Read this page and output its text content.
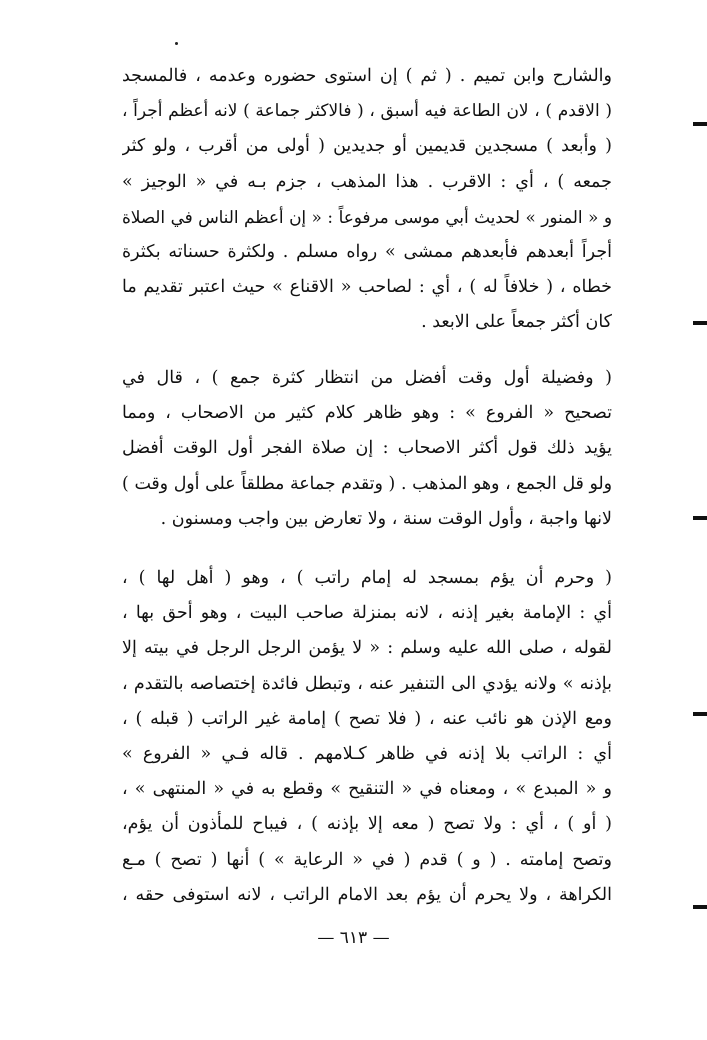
والشارح وابن تميم . ( ثم ) إن استوى حضوره وعدمه ، فالمسجد
( الاقدم ) ، لان الطاعة فيه أسبق ، ( فالاكثر جماعة ) لانه أعظم أجراً ،
( وأبعد ) مسجدين قديمين أو جديدين ( أولى من أقرب ، ولو كثر
جمعه ) ، أي : الاقرب . هذا المذهب ، جزم بـه في « الوجيز »
و « المنور » لحديث أبي موسى مرفوعاً : « إن أعظم الناس في الصلاة
أجراً أبعدهم فأبعدهم ممشى » رواه مسلم . ولكثرة حسناته بكثرة
خطاه ، ( خلافاً له ) ، أي : لصاحب « الاقناع » حيث اعتبر تقديم ما
كان أكثر جمعاً على الابعد .
( وفضيلة أول وقت أفضل من انتظار كثرة جمع ) ، قال في
تصحيح « الفروع » : وهو ظاهر كلام كثير من الاصحاب ، ومما
يؤيد ذلك قول أكثر الاصحاب : إن صلاة الفجر أول الوقت أفضل
ولو قل الجمع ، وهو المذهب . ( وتقدم جماعة مطلقاً على أول وقت )
لانها واجبة ، وأول الوقت سنة ، ولا تعارض بين واجب ومسنون .
( وحرم أن يؤم بمسجد له إمام راتب ) ، وهو ( أهل لها ) ،
أي : الإمامة بغير إذنه ، لانه بمنزلة صاحب البيت ، وهو أحق بها ،
لقوله ، صلى الله عليه وسلم : « لا يؤمن الرجل الرجل في بيته إلا
بإذنه » ولانه يؤدي الى التنفير عنه ، وتبطل فائدة إختصاصه بالتقدم ،
ومع الإذن هو نائب عنه ، ( فلا تصح ) إمامة غير الراتب ( قبله ) ،
أي : الراتب بلا إذنه في ظاهر كـلامهم . قاله فـي « الفروع »
و « المبدع » ، ومعناه في « التنقيح » وقطع به في « المنتهى » ،
( أو ) ، أي : ولا تصح ( معه إلا بإذنه ) ، فيباح للمأذون أن يؤم،
وتصح إمامته . ( و ) قدم ( في « الرعاية » ) أنها ( تصح ) مـع
الكراهة ، ولا يحرم أن يؤم بعد الامام الراتب ، لانه استوفى حقه ،
— ٦١٣ —
